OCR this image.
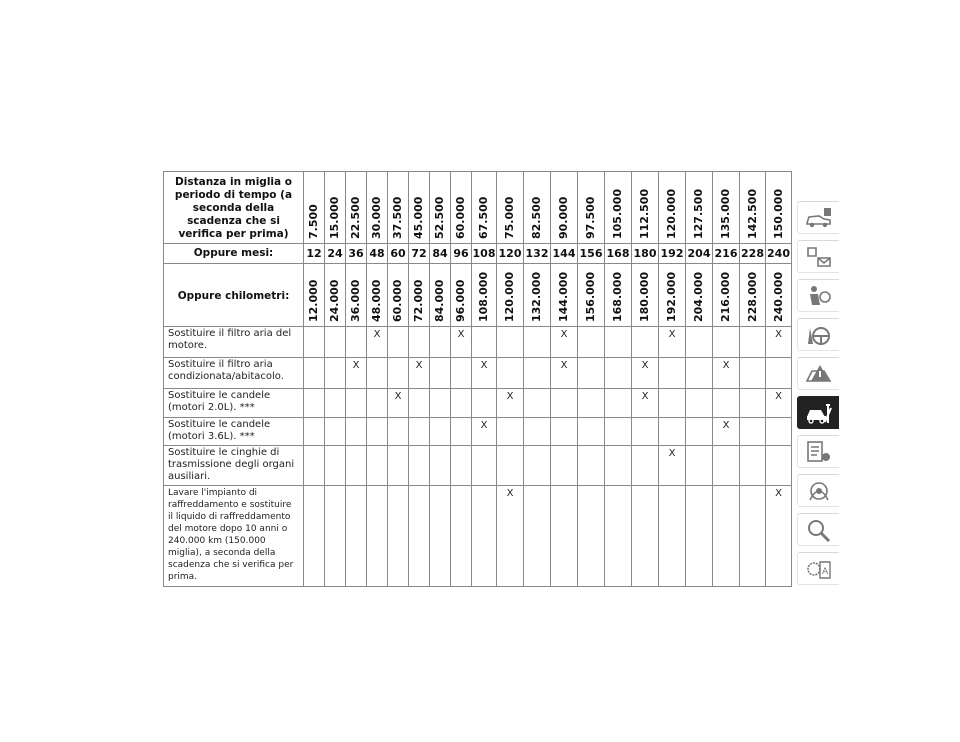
Distanza in miglia o periodo di tempo (a seconda della scadenza che si verifica per prima)	7.500	15.000	22.500	30.000	37.500	45.000	52.500	60.000	67.500	75.000	82.500	90.000	97.500	105.000	112.500	120.000	127.500	135.000	142.500	150.000

Oppure mesi:	12	24	36	48	60	72	84	96	108	120	132	144	156	168	180	192	204	216	228	240
Oppure chilometri:	12.000	24.000	36.000	48.000	60.000	72.000	84.000	96.000	108.000	120.000	132.000	144.000	156.000	168.000	180.000	192.000	204.000	216.000	228.000	240.000

Sostituire il filtro aria del motore.				X				X				X				X				X
Sostituire il filtro aria condizionata/abitacolo.			X			X			X			X			X			X		
Sostituire le candele (motori 2.0L). ***					X					X					X					X
Sostituire le candele (motori 3.6L). ***									X									X		
Sostituire le cinghie di trasmissione degli organi ausiliari.																X				
Lavare l'impianto di raffreddamento e sostituire il liquido di raffreddamento del motore dopo 10 anni o 240.000 km (150.000 miglia), a seconda della scadenza che si verifica per prima.										X										X
A
